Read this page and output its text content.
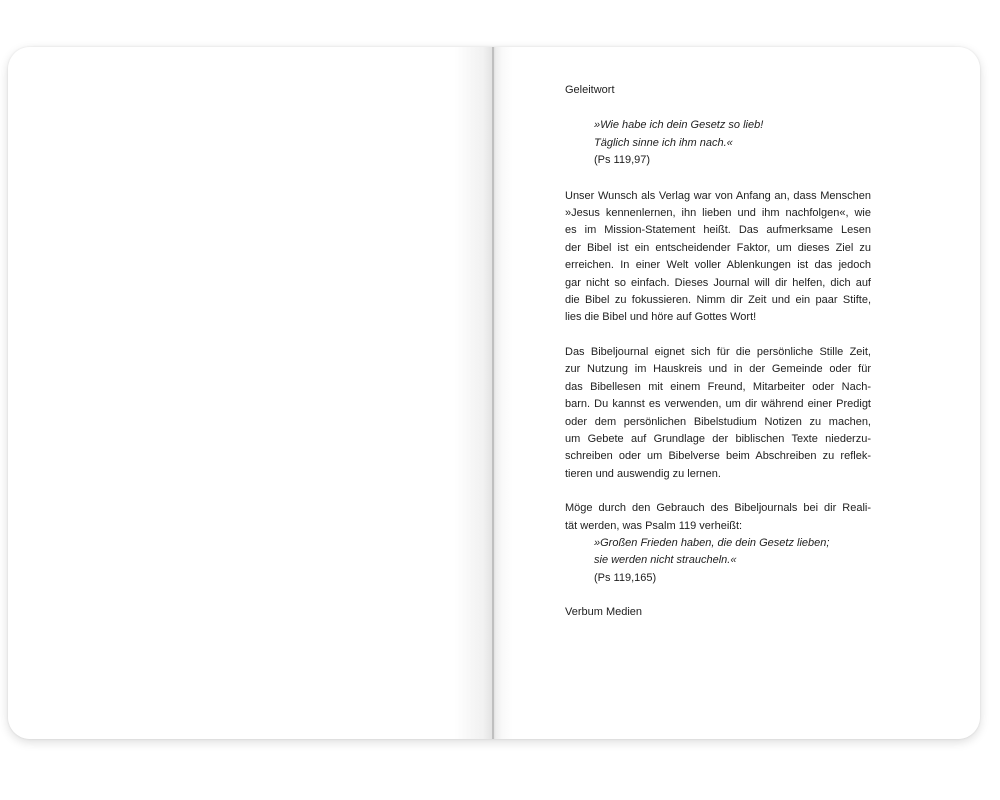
Geleitwort

»Wie habe ich dein Gesetz so lieb!
Täglich sinne ich ihm nach.«
(Ps 119,97)
Unser Wunsch als Verlag war von Anfang an, dass Menschen
»Jesus kennenlernen, ihn lieben und ihm nachfolgen«, wie
es im Mission-Statement heißt. Das aufmerksame Lesen
der Bibel ist ein entscheidender Faktor, um dieses Ziel zu
erreichen. In einer Welt voller Ablenkungen ist das jedoch
gar nicht so einfach. Dieses Journal will dir helfen, dich auf
die Bibel zu fokussieren. Nimm dir Zeit und ein paar Stifte,
lies die Bibel und höre auf Gottes Wort!
Das Bibeljournal eignet sich für die persönliche Stille Zeit,
zur Nutzung im Hauskreis und in der Gemeinde oder für
das Bibellesen mit einem Freund, Mitarbeiter oder Nach-
barn. Du kannst es verwenden, um dir während einer Predigt
oder dem persönlichen Bibelstudium Notizen zu machen,
um Gebete auf Grundlage der biblischen Texte niederzu-
schreiben oder um Bibelverse beim Abschreiben zu reflek-
tieren und auswendig zu lernen.
Möge durch den Gebrauch des Bibeljournals bei dir Reali-
tät werden, was Psalm 119 verheißt:
»Großen Frieden haben, die dein Gesetz lieben;
sie werden nicht straucheln.«
(Ps 119,165)

Verbum Medien
